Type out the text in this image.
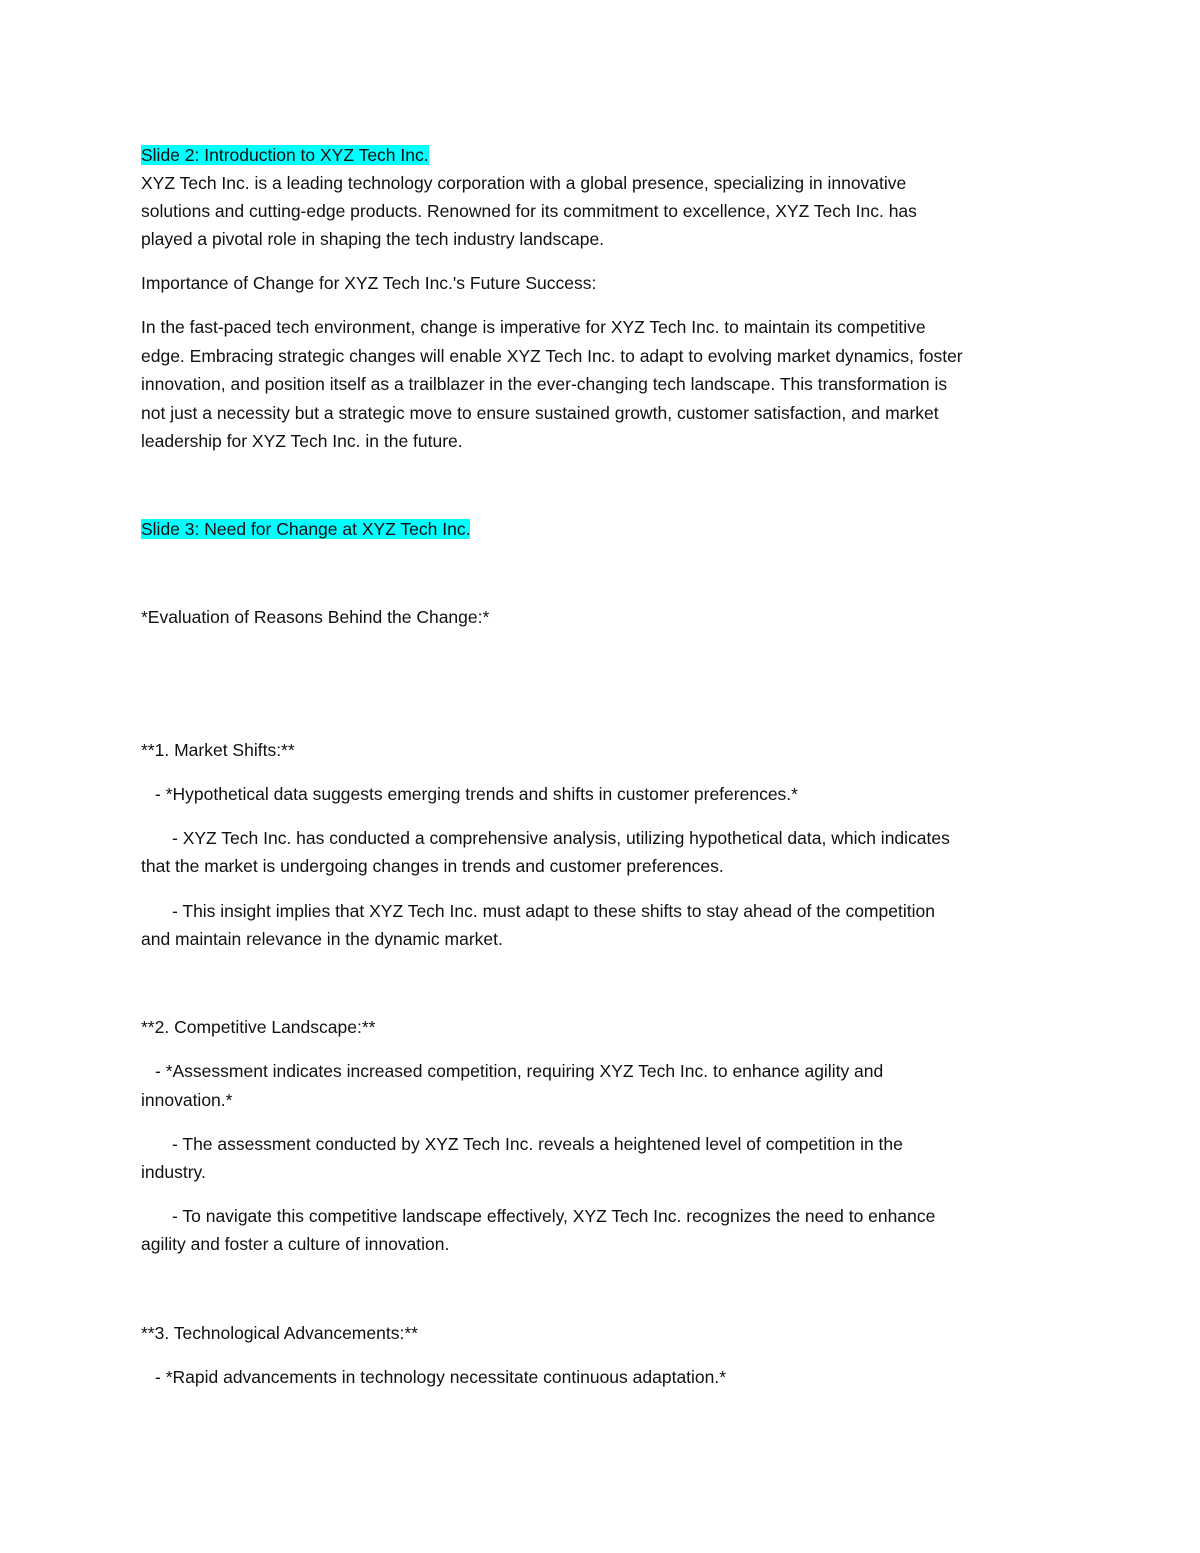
Slide 2: Introduction to XYZ Tech Inc.
XYZ Tech Inc. is a leading technology corporation with a global presence, specializing in innovative
solutions and cutting-edge products. Renowned for its commitment to excellence, XYZ Tech Inc. has
played a pivotal role in shaping the tech industry landscape.
Importance of Change for XYZ Tech Inc.'s Future Success:
In the fast-paced tech environment, change is imperative for XYZ Tech Inc. to maintain its competitive
edge. Embracing strategic changes will enable XYZ Tech Inc. to adapt to evolving market dynamics, foster
innovation, and position itself as a trailblazer in the ever-changing tech landscape. This transformation is
not just a necessity but a strategic move to ensure sustained growth, customer satisfaction, and market
leadership for XYZ Tech Inc. in the future.
Slide 3: Need for Change at XYZ Tech Inc.
*Evaluation of Reasons Behind the Change:*
**1. Market Shifts:**
- *Hypothetical data suggests emerging trends and shifts in customer preferences.*
- XYZ Tech Inc. has conducted a comprehensive analysis, utilizing hypothetical data, which indicates
that the market is undergoing changes in trends and customer preferences.
- This insight implies that XYZ Tech Inc. must adapt to these shifts to stay ahead of the competition
and maintain relevance in the dynamic market.
**2. Competitive Landscape:**
- *Assessment indicates increased competition, requiring XYZ Tech Inc. to enhance agility and
innovation.*
- The assessment conducted by XYZ Tech Inc. reveals a heightened level of competition in the
industry.
- To navigate this competitive landscape effectively, XYZ Tech Inc. recognizes the need to enhance
agility and foster a culture of innovation.
**3. Technological Advancements:**
- *Rapid advancements in technology necessitate continuous adaptation.*
